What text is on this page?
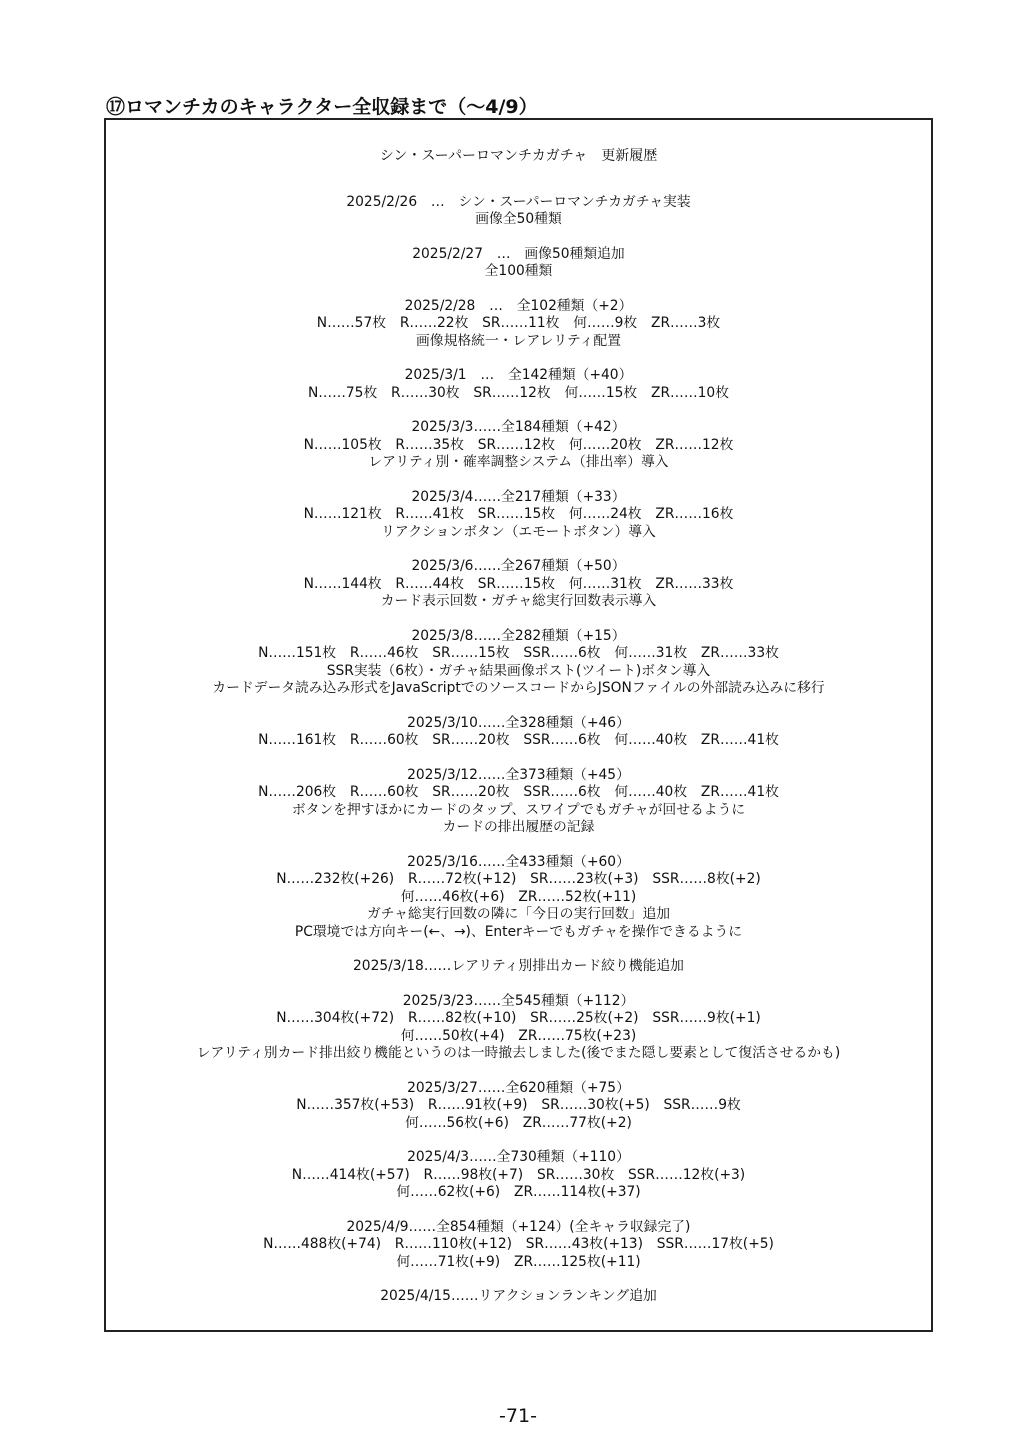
⑰ロマンチカのキャラクター全収録まで（～4/9）
シン・スーパーロマンチカガチャ　更新履歴
2025/2/26　…　シン・スーパーロマンチカガチャ実装
画像全50種類
2025/2/27　…　画像50種類追加
全100種類
2025/2/28　…　全102種類（+2）
N……57枚　R……22枚　SR……11枚　何……9枚　ZR……3枚
画像規格統一・レアレリティ配置
2025/3/1　…　全142種類（+40）
N……75枚　R……30枚　SR……12枚　何……15枚　ZR……10枚
2025/3/3……全184種類（+42）
N……105枚　R……35枚　SR……12枚　何……20枚　ZR……12枚
レアリティ別・確率調整システム（排出率）導入
2025/3/4……全217種類（+33）
N……121枚　R……41枚　SR……15枚　何……24枚　ZR……16枚
リアクションボタン（エモートボタン）導入
2025/3/6……全267種類（+50）
N……144枚　R……44枚　SR……15枚　何……31枚　ZR……33枚
カード表示回数・ガチャ総実行回数表示導入
2025/3/8……全282種類（+15）
N……151枚　R……46枚　SR……15枚　SSR……6枚　何……31枚　ZR……33枚
SSR実装（6枚）・ガチャ結果画像ポスト(ツイート)ボタン導入
カードデータ読み込み形式をJavaScriptでのソースコードからJSONファイルの外部読み込みに移行
2025/3/10……全328種類（+46）
N……161枚　R……60枚　SR……20枚　SSR……6枚　何……40枚　ZR……41枚
2025/3/12……全373種類（+45）
N……206枚　R……60枚　SR……20枚　SSR……6枚　何……40枚　ZR……41枚
ボタンを押すほかにカードのタップ、スワイプでもガチャが回せるように
カードの排出履歴の記録
2025/3/16……全433種類（+60）
N……232枚(+26)　R……72枚(+12)　SR……23枚(+3)　SSR……8枚(+2)
何……46枚(+6)　ZR……52枚(+11)
ガチャ総実行回数の隣に「今日の実行回数」追加
PC環境では方向キー(←、→)、Enterキーでもガチャを操作できるように
2025/3/18……レアリティ別排出カード絞り機能追加
2025/3/23……全545種類（+112）
N……304枚(+72)　R……82枚(+10)　SR……25枚(+2)　SSR……9枚(+1)
何……50枚(+4)　ZR……75枚(+23)
レアリティ別カード排出絞り機能というのは一時撤去しました(後でまた隠し要素として復活させるかも)
2025/3/27……全620種類（+75）
N……357枚(+53)　R……91枚(+9)　SR……30枚(+5)　SSR……9枚
何……56枚(+6)　ZR……77枚(+2)
2025/4/3……全730種類（+110）
N……414枚(+57)　R……98枚(+7)　SR……30枚　SSR……12枚(+3)
何……62枚(+6)　ZR……114枚(+37)
2025/4/9……全854種類（+124）(全キャラ収録完了)
N……488枚(+74)　R……110枚(+12)　SR……43枚(+13)　SSR……17枚(+5)
何……71枚(+9)　ZR……125枚(+11)
2025/4/15……リアクションランキング追加
-71-
